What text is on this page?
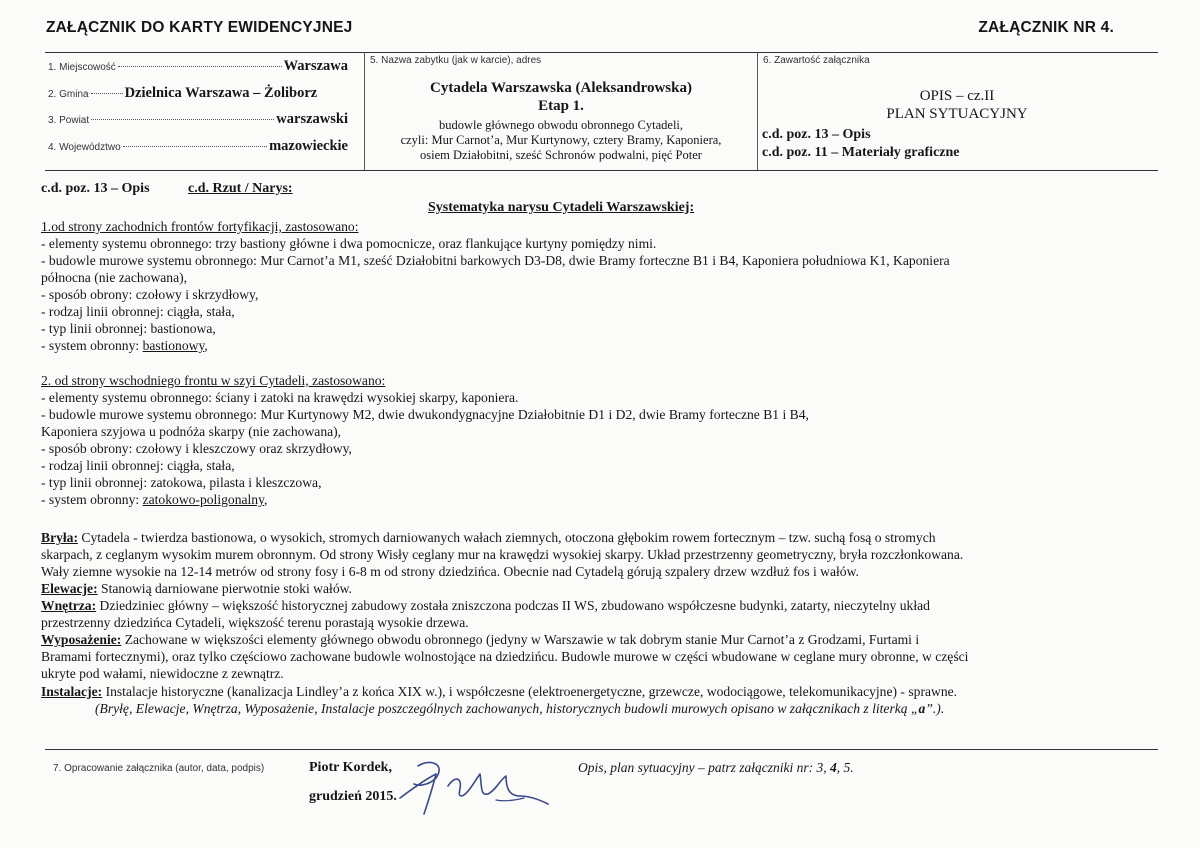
ZAŁĄCZNIK DO KARTY EWIDENCYJNEJ	ZAŁĄCZNIK NR 4.
1. Miejscowość	Warszawa
2. Gmina Dzielnica Warszawa – Żoliborz
3. Powiat	warszawski
4. Województwo	mazowieckie
5. Nazwa zabytku (jak w karcie), adres
Cytadela Warszawska (Aleksandrowska)
Etap 1.
budowle głównego obwodu obronnego Cytadeli,
czyli: Mur Carnot’a, Mur Kurtynowy, cztery Bramy, Kaponiera,
osiem Działobitni, sześć Schronów podwalni, pięć Poter
6. Zawartość załącznika
OPIS – cz.II
PLAN SYTUACYJNY
c.d. poz. 13 – Opis
c.d. poz. 11 – Materiały graficzne
c.d. poz. 13 – Opis	c.d. Rzut / Narys:
Systematyka narysu Cytadeli Warszawskiej:
1.od strony zachodnich frontów fortyfikacji, zastosowano:
- elementy systemu obronnego: trzy bastiony główne i dwa pomocnicze, oraz flankujące kurtyny pomiędzy nimi.
- budowle murowe systemu obronnego: Mur Carnot’a M1, sześć Działobitni barkowych D3-D8, dwie Bramy forteczne B1 i B4, Kaponiera południowa K1, Kaponiera
północna (nie zachowana),
- sposób obrony: czołowy i skrzydłowy,
- rodzaj linii obronnej: ciągła, stała,
- typ linii obronnej: bastionowa,
- system obronny: bastionowy,
2. od strony wschodniego frontu w szyi Cytadeli, zastosowano:
- elementy systemu obronnego: ściany i zatoki na krawędzi wysokiej skarpy, kaponiera.
- budowle murowe systemu obronnego: Mur Kurtynowy M2, dwie dwukondygnacyjne Działobitnie D1 i D2, dwie Bramy forteczne B1 i B4,
Kaponiera szyjowa u podnóża skarpy (nie zachowana),
- sposób obrony: czołowy i kleszczowy oraz skrzydłowy,
- rodzaj linii obronnej: ciągła, stała,
- typ linii obronnej: zatokowa, pilasta i kleszczowa,
- system obronny: zatokowo-poligonalny,
Bryła: Cytadela - twierdza bastionowa, o wysokich, stromych darniowanych wałach ziemnych, otoczona głębokim rowem fortecznym – tzw. suchą fosą o stromych
skarpach, z ceglanym wysokim murem obronnym. Od strony Wisły ceglany mur na krawędzi wysokiej skarpy. Układ przestrzenny geometryczny, bryła rozczłonkowana.
Wały ziemne wysokie na 12-14 metrów od strony fosy i 6-8 m od strony dziedzińca. Obecnie nad Cytadelą górują szpalery drzew wzdłuż fos i wałów.
Elewacje: Stanowią darniowane pierwotnie stoki wałów.
Wnętrza: Dziedziniec główny – większość historycznej zabudowy została zniszczona podczas II WS, zbudowano współczesne budynki, zatarty, nieczytelny układ
przestrzenny dziedzińca Cytadeli, większość terenu porastają wysokie drzewa.
Wyposażenie: Zachowane w większości elementy głównego obwodu obronnego (jedyny w Warszawie w tak dobrym stanie Mur Carnot’a z Grodzami, Furtami i
Bramami fortecznymi), oraz tylko częściowo zachowane budowle wolnostojące na dziedzińcu. Budowle murowe w części wbudowane w ceglane mury obronne, w części
ukryte pod wałami, niewidoczne z zewnątrz.
Instalacje: Instalacje historyczne (kanalizacja Lindley’a z końca XIX w.), i współczesne (elektroenergetyczne, grzewcze, wodociągowe, telekomunikacyjne) - sprawne.
(Bryłę, Elewacje, Wnętrza, Wyposażenie, Instalacje poszczególnych zachowanych, historycznych budowli murowych opisano w załącznikach z literką „a”.).
7. Opracowanie załącznika (autor, data, podpis)	Piotr Kordek,
grudzień 2015.
Opis, plan sytuacyjny – patrz załączniki nr: 3, 4, 5.
